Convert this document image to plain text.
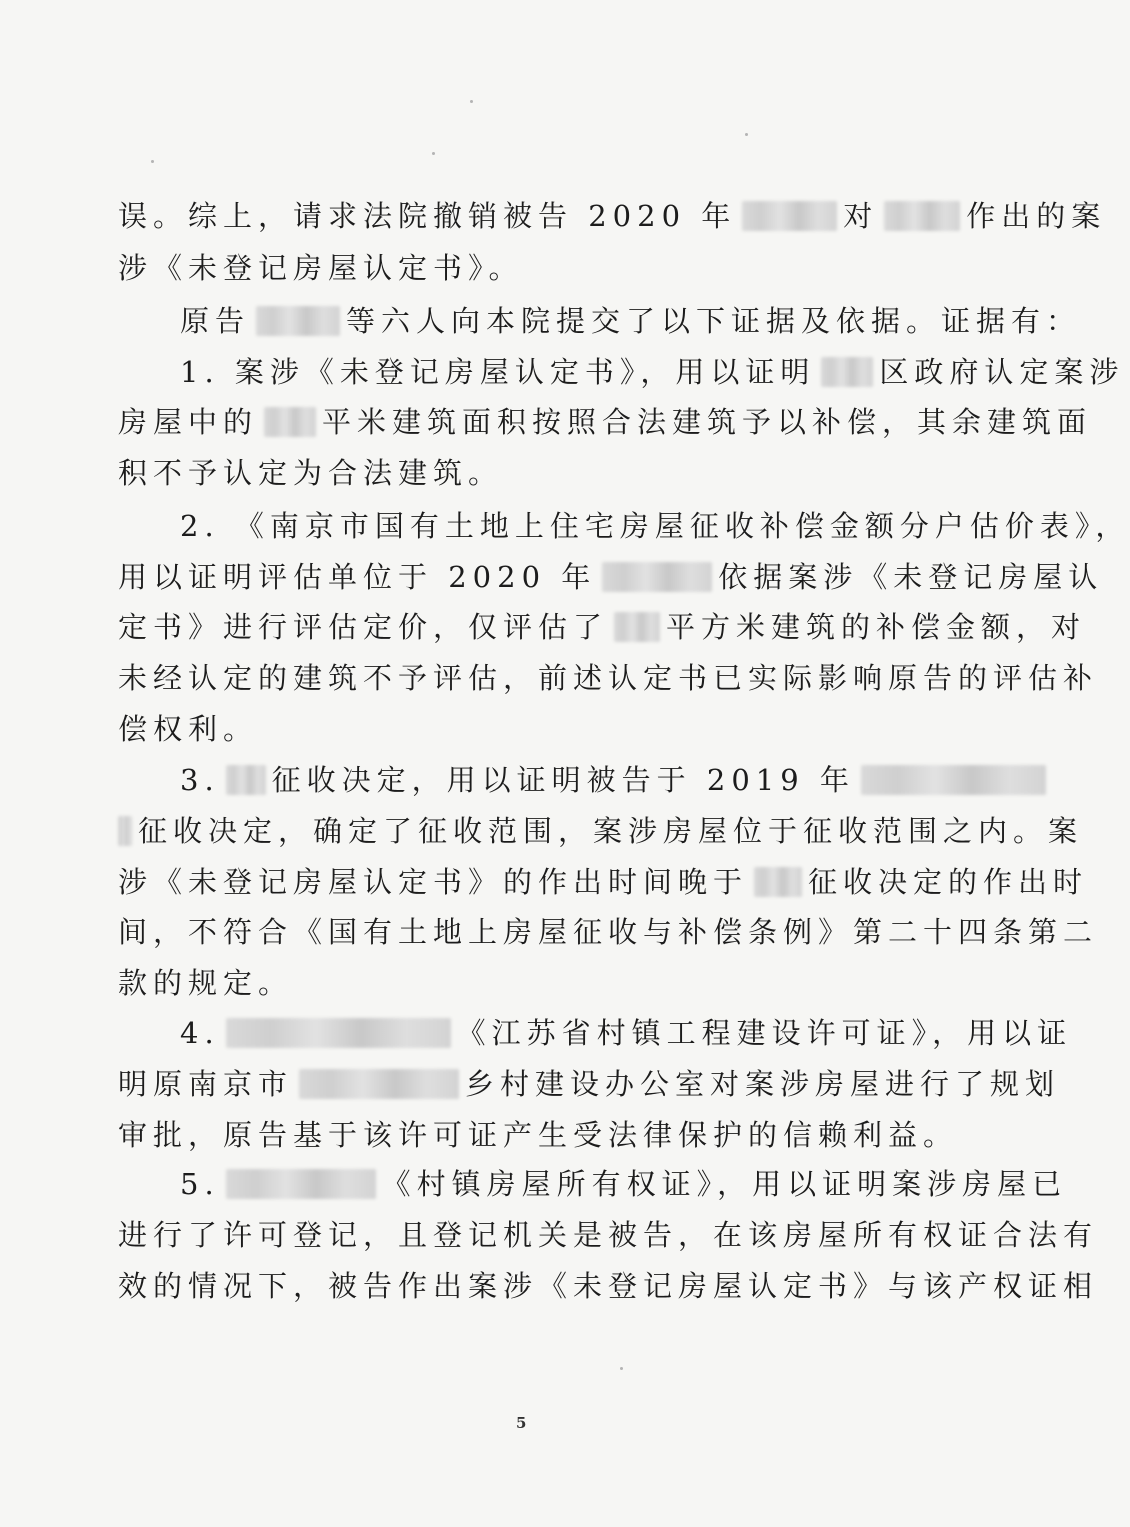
误。综上，请求法院撤销被告 2020 年	对	作出的案
涉《未登记房屋认定书》。
原告	等六人向本院提交了以下证据及依据。证据有：
1. 案涉《未登记房屋认定书》，用以证明 区政府认定案涉
房屋中的 平米建筑面积按照合法建筑予以补偿，其余建筑面
积不予认定为合法建筑。
2. 《南京市国有土地上住宅房屋征收补偿金额分户估价表》，
用以证明评估单位于 2020 年	依据案涉《未登记房屋认
定书》进行评估定价，仅评估了 平方米建筑的补偿金额，对
未经认定的建筑不予评估，前述认定书已实际影响原告的评估补
偿权利。
3. 征收决定，用以证明被告于 2019 年
征收决定，确定了征收范围，案涉房屋位于征收范围之内。案
涉《未登记房屋认定书》的作出时间晚于 征收决定的作出时
间，不符合《国有土地上房屋征收与补偿条例》第二十四条第二
款的规定。
4.	《江苏省村镇工程建设许可证》，用以证
明原南京市	乡村建设办公室对案涉房屋进行了规划
审批，原告基于该许可证产生受法律保护的信赖利益。
5.	《村镇房屋所有权证》，用以证明案涉房屋已
进行了许可登记，且登记机关是被告，在该房屋所有权证合法有
效的情况下，被告作出案涉《未登记房屋认定书》与该产权证相
5
